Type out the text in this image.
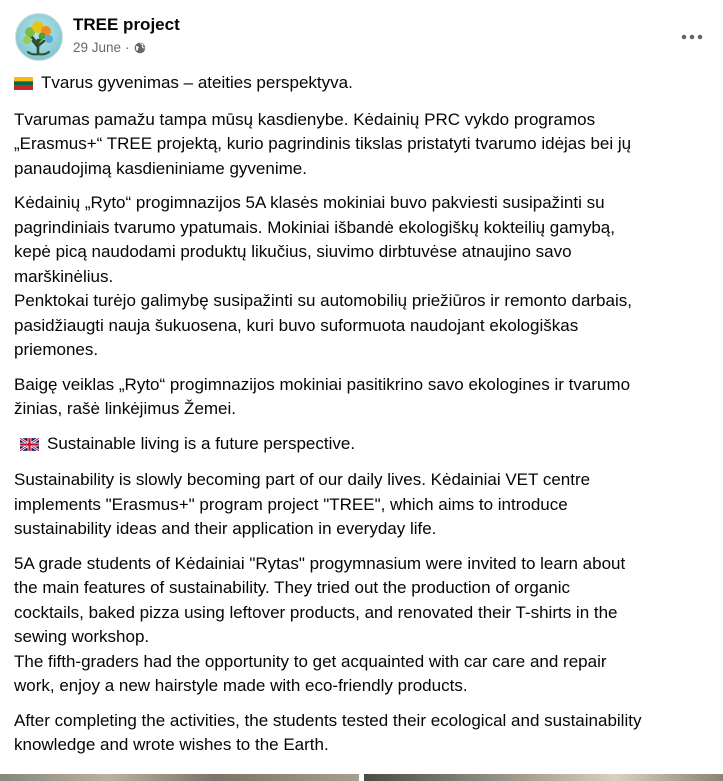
TREE project
29 June ·

Tvarus gyvenimas – ateities perspektyva.

Tvarumas pamažu tampa mūsų kasdienybe. Kėdainių PRC vykdo programos
„Erasmus+“ TREE projektą, kurio pagrindinis tikslas pristatyti tvarumo idėjas bei jų
panaudojimą kasdieniniame gyvenime.

Kėdainių „Ryto“ progimnazijos 5A klasės mokiniai buvo pakviesti susipažinti su
pagrindiniais tvarumo ypatumais. Mokiniai išbandė ekologiškų kokteilių gamybą,
kepė picą naudodami produktų likučius, siuvimo dirbtuvėse atnaujino savo
marškinėlius.
Penktokai turėjo galimybę susipažinti su automobilių priežiūros ir remonto darbais,
pasidžiaugti nauja šukuosena, kuri buvo suformuota naudojant ekologiškas
priemones.

Baigę veiklas „Ryto“ progimnazijos mokiniai pasitikrino savo ekologines ir tvarumo
žinias, rašė linkėjimus Žemei.

Sustainable living is a future perspective.

Sustainability is slowly becoming part of our daily lives. Kėdainiai VET centre
implements "Erasmus+" program project "TREE", which aims to introduce
sustainability ideas and their application in everyday life.

5A grade students of Kėdainiai "Rytas" progymnasium were invited to learn about
the main features of sustainability. They tried out the production of organic
cocktails, baked pizza using leftover products, and renovated their T-shirts in the
sewing workshop.
The fifth-graders had the opportunity to get acquainted with car care and repair
work, enjoy a new hairstyle made with eco-friendly products.

After completing the activities, the students tested their ecological and sustainability
knowledge and wrote wishes to the Earth.
